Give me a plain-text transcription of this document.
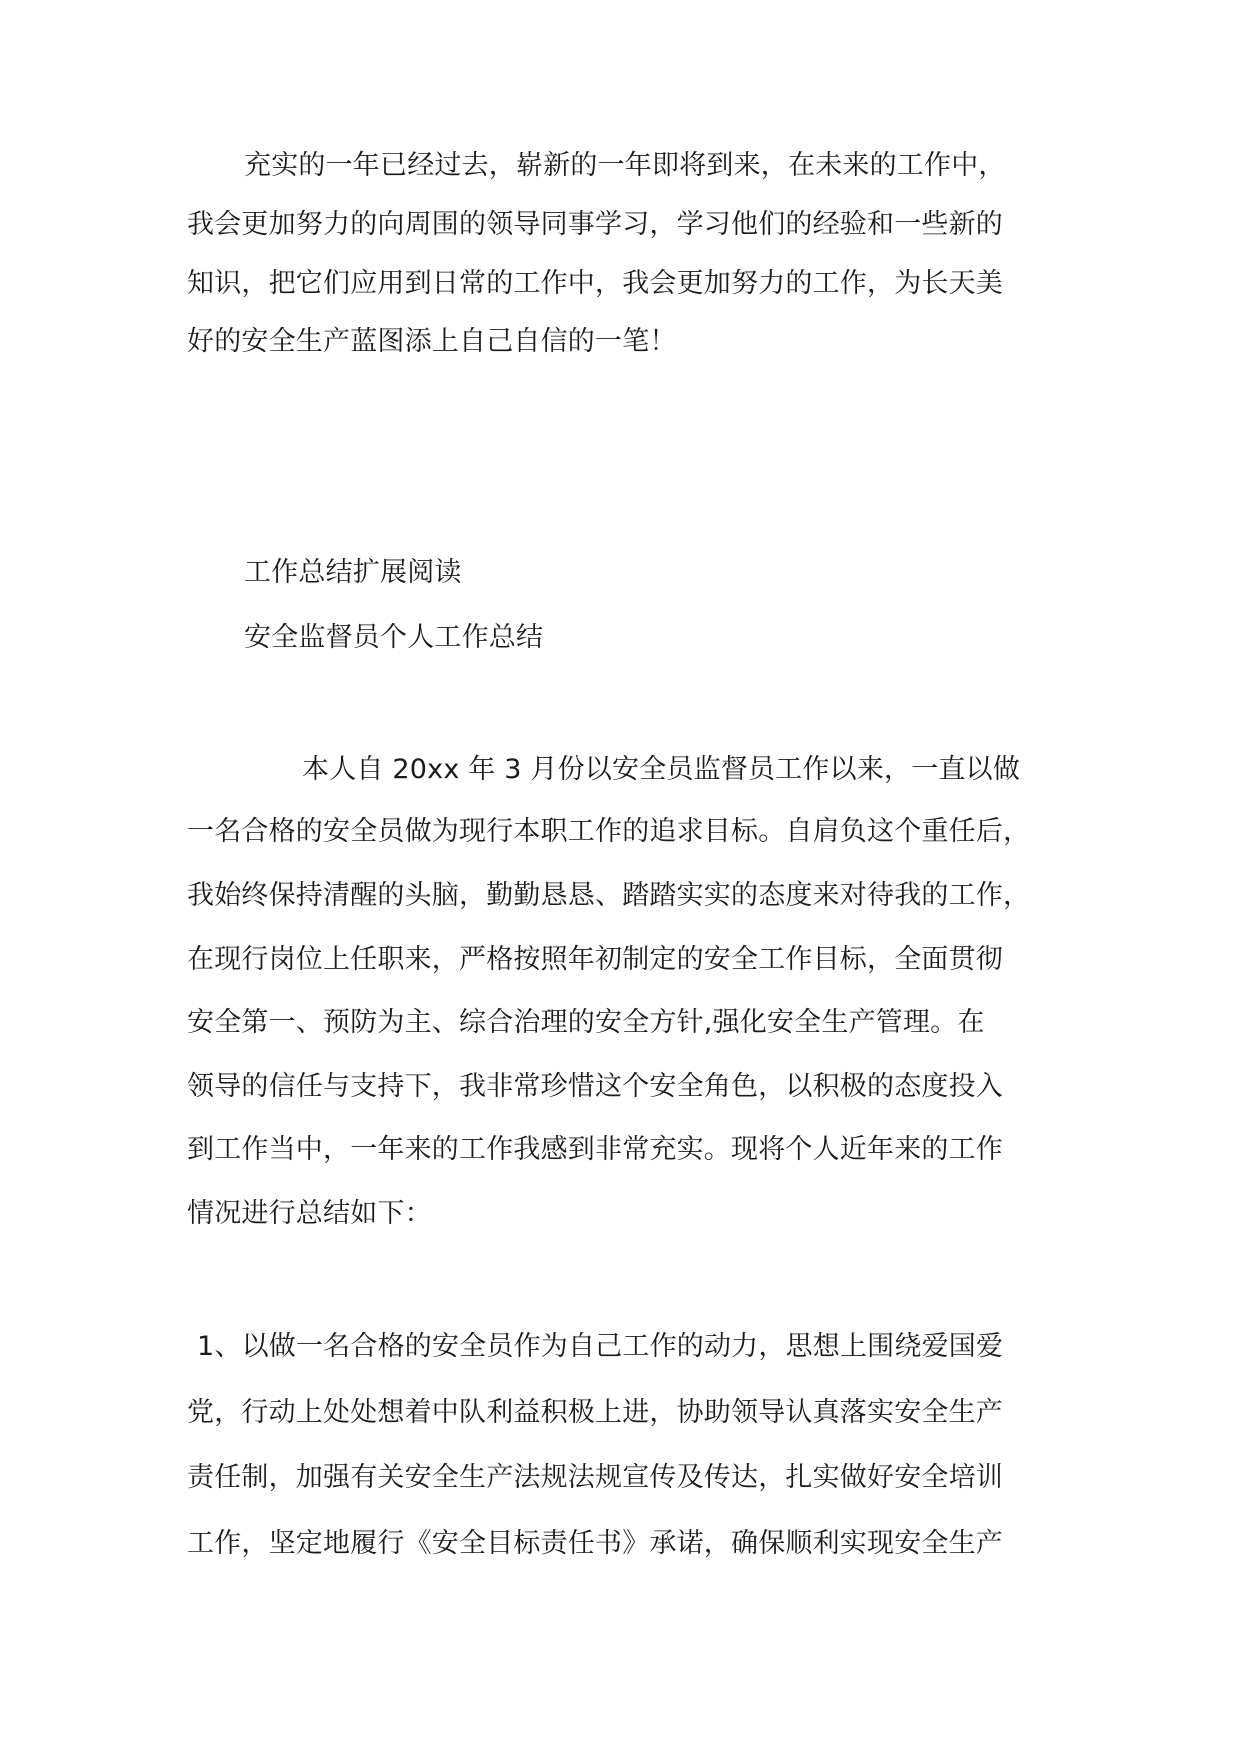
充实的一年已经过去，崭新的一年即将到来，在未来的工作中，
我会更加努力的向周围的领导同事学习，学习他们的经验和一些新的
知识，把它们应用到日常的工作中，我会更加努力的工作，为长天美
好的安全生产蓝图添上自己自信的一笔！
工作总结扩展阅读
安全监督员个人工作总结
本人自 20xx 年 3 月份以安全员监督员工作以来，一直以做
一名合格的安全员做为现行本职工作的追求目标。自肩负这个重任后，
我始终保持清醒的头脑，勤勤恳恳、踏踏实实的态度来对待我的工作，
在现行岗位上任职来，严格按照年初制定的安全工作目标，全面贯彻
安全第一、预防为主、综合治理的安全方针,强化安全生产管理。在
领导的信任与支持下，我非常珍惜这个安全角色，以积极的态度投入
到工作当中，一年来的工作我感到非常充实。现将个人近年来的工作
情况进行总结如下：
1、以做一名合格的安全员作为自己工作的动力，思想上围绕爱国爱
党，行动上处处想着中队利益积极上进，协助领导认真落实安全生产
责任制，加强有关安全生产法规法规宣传及传达，扎实做好安全培训
工作，坚定地履行《安全目标责任书》承诺，确保顺利实现安全生产
